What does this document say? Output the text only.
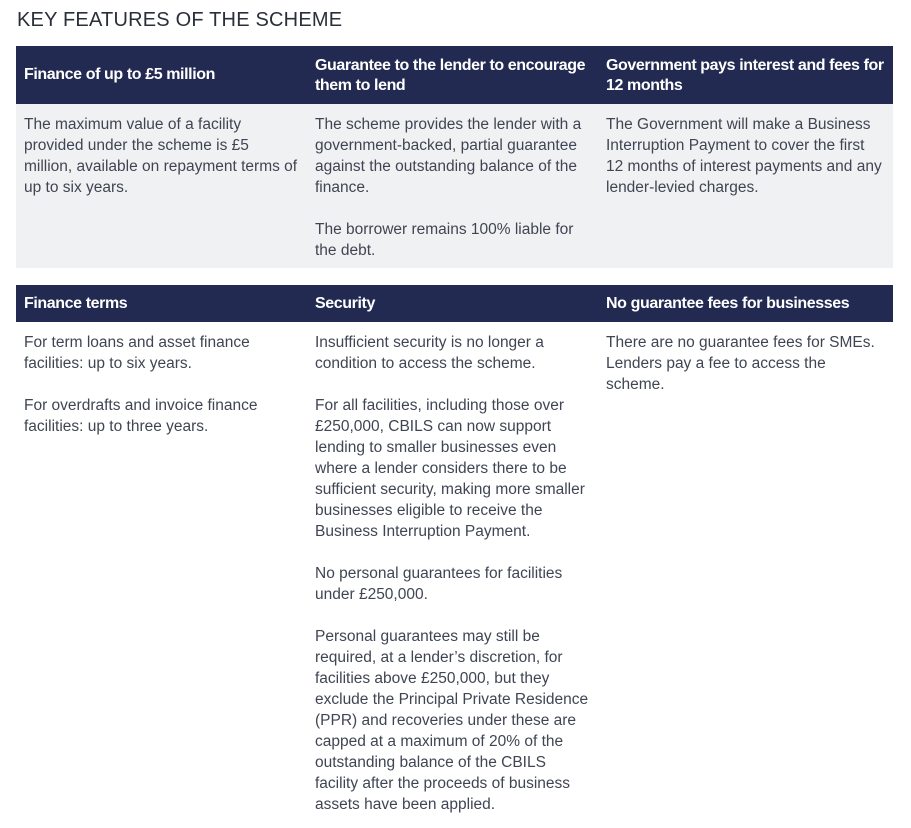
KEY FEATURES OF THE SCHEME
Finance of up to £5 million
Guarantee to the lender to encourage them to lend
Government pays interest and fees for 12 months

The maximum value of a facility provided under the scheme is £5 million, available on repayment terms of up to six years.

The scheme provides the lender with a government-backed, partial guarantee against the outstanding balance of the finance.

The borrower remains 100% liable for the debt.

The Government will make a Business Interruption Payment to cover the first 12 months of interest payments and any lender-levied charges.

Finance terms	Security	No guarantee fees for businesses

For term loans and asset finance facilities: up to six years.

For overdrafts and invoice finance facilities: up to three years.

Insufficient security is no longer a condition to access the scheme.

For all facilities, including those over £250,000, CBILS can now support lending to smaller businesses even where a lender considers there to be sufficient security, making more smaller businesses eligible to receive the Business Interruption Payment.

No personal guarantees for facilities under £250,000.

Personal guarantees may still be required, at a lender’s discretion, for facilities above £250,000, but they exclude the Principal Private Residence (PPR) and recoveries under these are capped at a maximum of 20% of the outstanding balance of the CBILS facility after the proceeds of business assets have been applied.

There are no guarantee fees for SMEs. Lenders pay a fee to access the scheme.
